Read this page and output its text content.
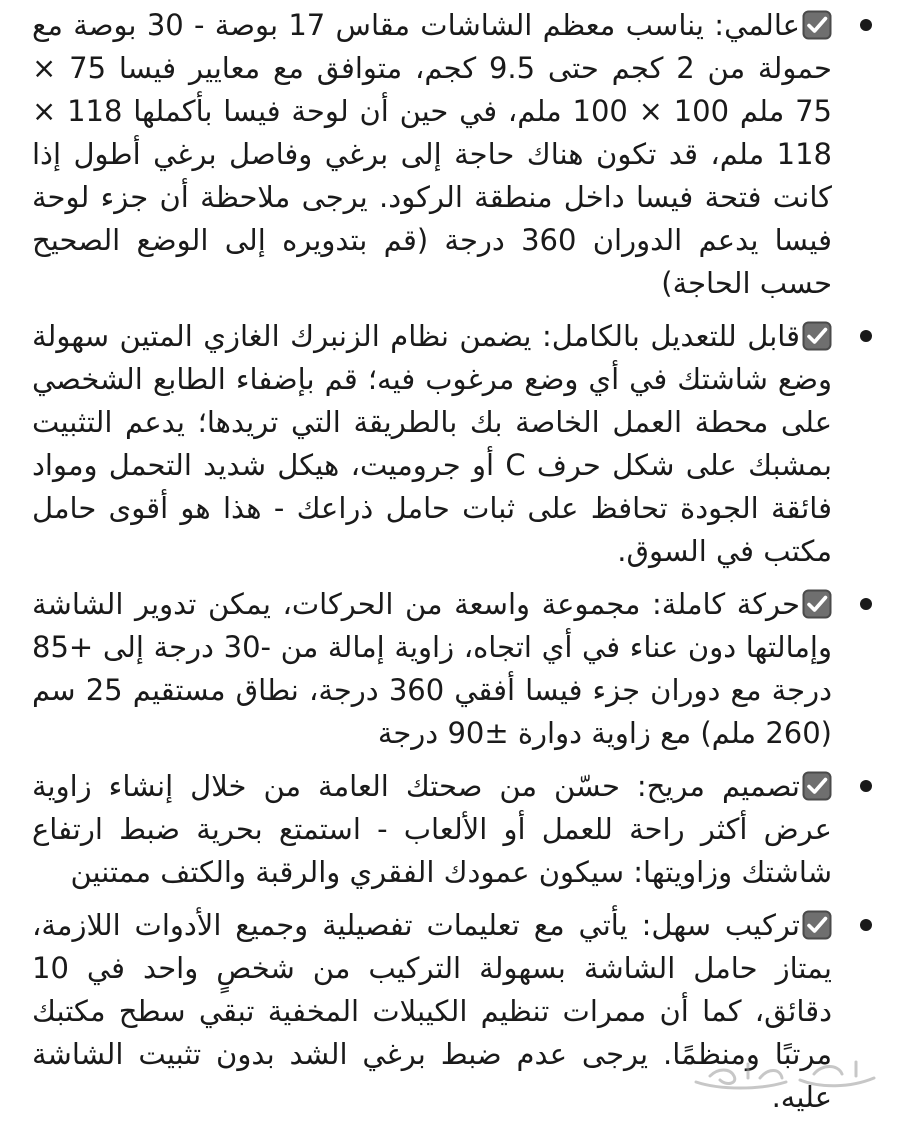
عالمي: يناسب معظم الشاشات مقاس 17 بوصة - 30 بوصة مع حمولة من 2 كجم حتى 9.5 كجم، متوافق مع معايير فيسا 75 × 75 ملم 100 × 100 ملم، في حين أن لوحة فيسا بأكملها 118 × 118 ملم، قد تكون هناك حاجة إلى برغي وفاصل برغي أطول إذا كانت فتحة فيسا داخل منطقة الركود. يرجى ملاحظة أن جزء لوحة فيسا يدعم الدوران 360 درجة (قم بتدويره إلى الوضع الصحيح حسب الحاجة)
قابل للتعديل بالكامل: يضمن نظام الزنبرك الغازي المتين سهولة وضع شاشتك في أي وضع مرغوب فيه؛ قم بإضفاء الطابع الشخصي على محطة العمل الخاصة بك بالطريقة التي تريدها؛ يدعم التثبيت بمشبك على شكل حرف C أو جروميت، هيكل شديد التحمل ومواد فائقة الجودة تحافظ على ثبات حامل ذراعك - هذا هو أقوى حامل مكتب في السوق.
حركة كاملة: مجموعة واسعة من الحركات، يمكن تدوير الشاشة وإمالتها دون عناء في أي اتجاه، زاوية إمالة من -30 درجة إلى +85 درجة مع دوران جزء فيسا أفقي 360 درجة، نطاق مستقيم 25 سم (260 ملم) مع زاوية دوارة ±90 درجة
تصميم مريح: حسّن من صحتك العامة من خلال إنشاء زاوية عرض أكثر راحة للعمل أو الألعاب - استمتع بحرية ضبط ارتفاع شاشتك وزاويتها: سيكون عمودك الفقري والرقبة والكتف ممتنين
تركيب سهل: يأتي مع تعليمات تفصيلية وجميع الأدوات اللازمة، يمتاز حامل الشاشة بسهولة التركيب من شخصٍ واحد في 10 دقائق، كما أن ممرات تنظيم الكيبلات المخفية تبقي سطح مكتبك مرتبًا ومنظمًا. يرجى عدم ضبط برغي الشد بدون تثبيت الشاشة عليه.
